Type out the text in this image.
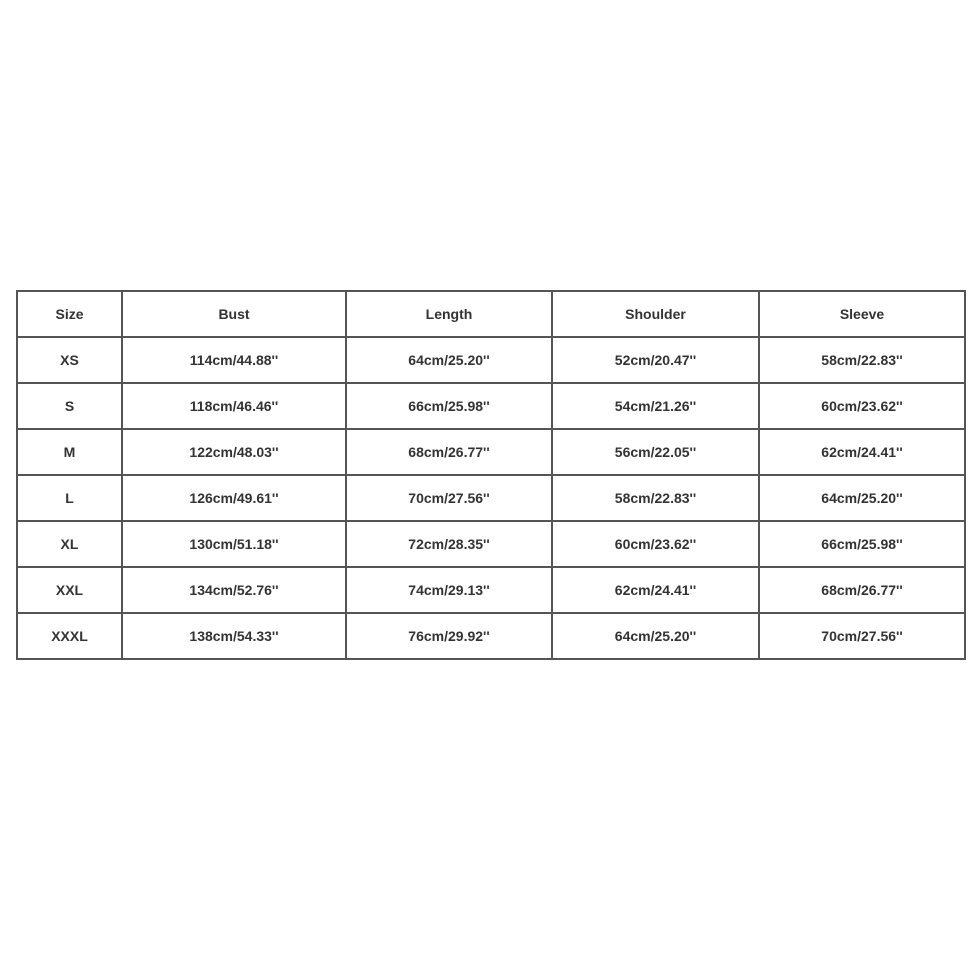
Size	Bust	Length	Shoulder	Sleeve
XS	114cm/44.88''	64cm/25.20''	52cm/20.47''	58cm/22.83''
S	118cm/46.46''	66cm/25.98''	54cm/21.26''	60cm/23.62''
M	122cm/48.03''	68cm/26.77''	56cm/22.05''	62cm/24.41''
L	126cm/49.61''	70cm/27.56''	58cm/22.83''	64cm/25.20''
XL	130cm/51.18''	72cm/28.35''	60cm/23.62''	66cm/25.98''
XXL	134cm/52.76''	74cm/29.13''	62cm/24.41''	68cm/26.77''
XXXL	138cm/54.33''	76cm/29.92''	64cm/25.20''	70cm/27.56''
